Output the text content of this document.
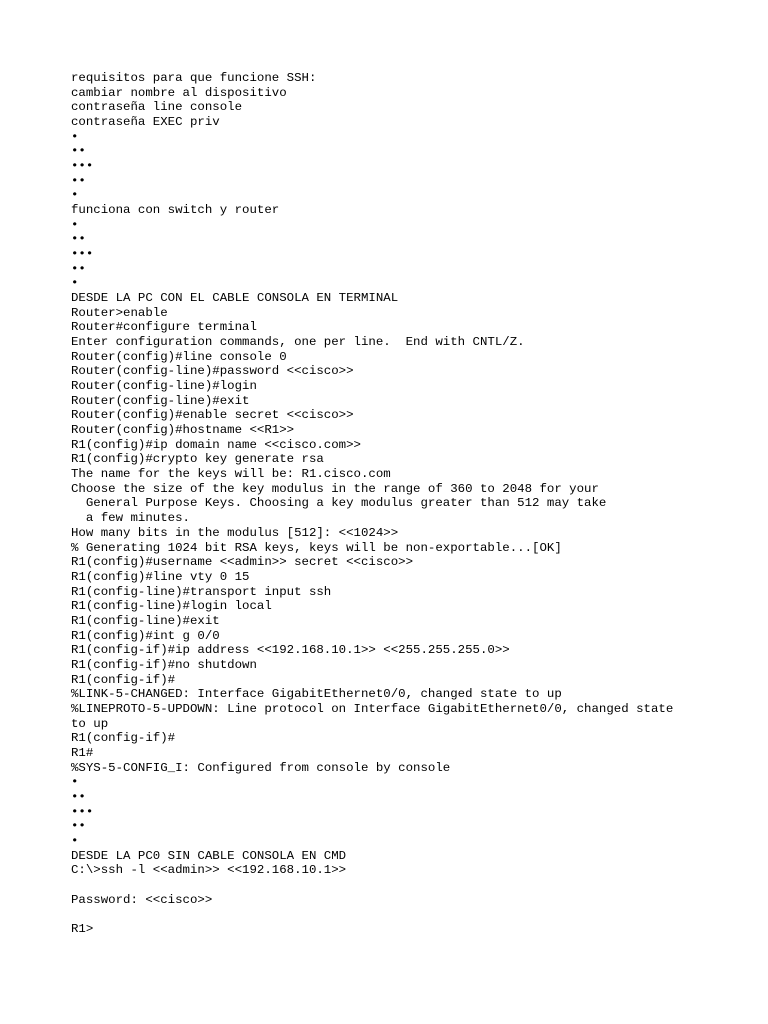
requisitos para que funcione SSH:
cambiar nombre al dispositivo
contraseña line console
contraseña EXEC priv
•
••
•••
••
•
funciona con switch y router
•
••
•••
••
•
DESDE LA PC CON EL CABLE CONSOLA EN TERMINAL
Router>enable
Router#configure terminal
Enter configuration commands, one per line.  End with CNTL/Z.
Router(config)#line console 0
Router(config-line)#password <<cisco>>
Router(config-line)#login
Router(config-line)#exit
Router(config)#enable secret <<cisco>>
Router(config)#hostname <<R1>>
R1(config)#ip domain name <<cisco.com>>
R1(config)#crypto key generate rsa
The name for the keys will be: R1.cisco.com
Choose the size of the key modulus in the range of 360 to 2048 for your
General Purpose Keys. Choosing a key modulus greater than 512 may take
a few minutes.
How many bits in the modulus [512]: <<1024>>
% Generating 1024 bit RSA keys, keys will be non-exportable...[OK]
R1(config)#username <<admin>> secret <<cisco>>
R1(config)#line vty 0 15
R1(config-line)#transport input ssh
R1(config-line)#login local
R1(config-line)#exit
R1(config)#int g 0/0
R1(config-if)#ip address <<192.168.10.1>> <<255.255.255.0>>
R1(config-if)#no shutdown
R1(config-if)#
%LINK-5-CHANGED: Interface GigabitEthernet0/0, changed state to up
%LINEPROTO-5-UPDOWN: Line protocol on Interface GigabitEthernet0/0, changed state
to up
R1(config-if)#
R1#
%SYS-5-CONFIG_I: Configured from console by console
•
••
•••
••
•
DESDE LA PC0 SIN CABLE CONSOLA EN CMD
C:\>ssh -l <<admin>> <<192.168.10.1>>
Password: <<cisco>>
R1>
